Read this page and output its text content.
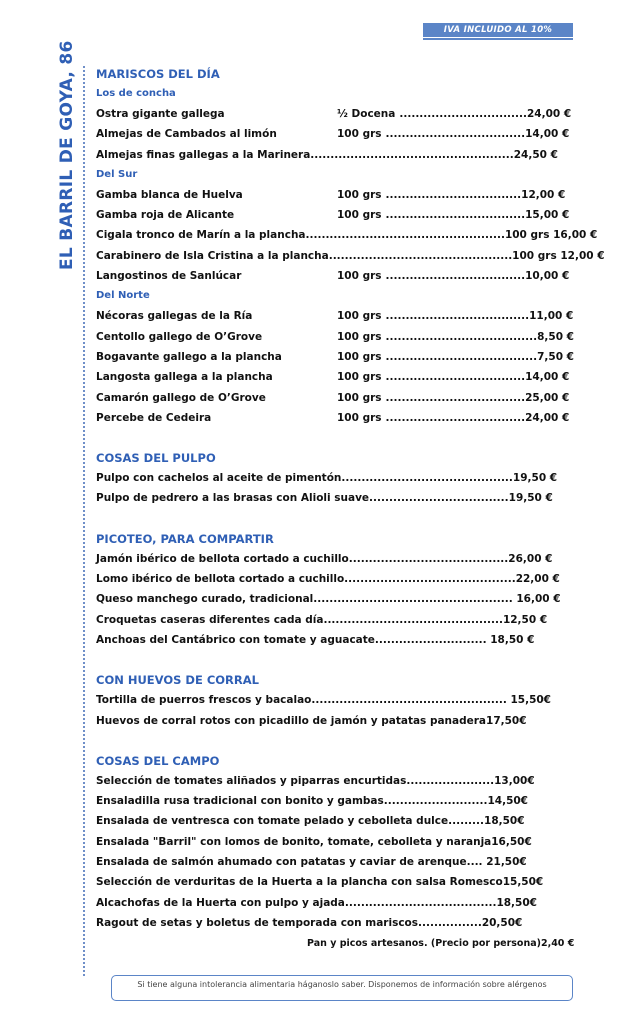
IVA INCLUIDO AL 10%
EL BARRIL DE GOYA, 86 MARISCOS DEL DÍA
Los de concha
Ostra gigante gallega	½ Docena ................................24,00 €
Almejas de Cambados al limón	100 grs ...................................14,00 €
Almejas finas gallegas a la Marinera ...................................................24,50 €
Del Sur
Gamba blanca de Huelva	100 grs ..................................12,00 €
Gamba roja de Alicante	100 grs ...................................15,00 €
Cigala tronco de Marín a la plancha ..................................................100 grs 16,00 €
Carabinero de Isla Cristina a la plancha ..............................................100 grs 12,00 €
Langostinos de Sanlúcar	100 grs ...................................10,00 €
Del Norte
Nécoras gallegas de la Ría	100 grs ....................................11,00 €
Centollo gallego de O’Grove	100 grs ......................................8,50 €
Bogavante gallego a la plancha	100 grs ......................................7,50 €
Langosta gallega a la plancha	100 grs ...................................14,00 €
Camarón gallego de O’Grove	100 grs ...................................25,00 €
Percebe de Cedeira	100 grs ...................................24,00 €
COSAS DEL PULPO
Pulpo con cachelos al aceite de pimentón ...........................................19,50 €
Pulpo de pedrero a las brasas con Alioli suave ...................................19,50 €
PICOTEO, PARA COMPARTIR
Jamón ibérico de bellota cortado a cuchillo ........................................26,00 €
Lomo ibérico de bellota cortado a cuchillo ...........................................22,00 €
Queso manchego curado, tradicional .................................................. 16,00 €
Croquetas caseras diferentes cada día .............................................12,50 €
Anchoas del Cantábrico con tomate y aguacate ............................ 18,50 €
CON HUEVOS DE CORRAL
Tortilla de puerros frescos y bacalao ................................................. 15,50€
Huevos de corral rotos con picadillo de jamón y patatas panadera 17,50€
COSAS DEL CAMPO
Selección de tomates aliñados y piparras encurtidas ......................13,00€
Ensaladilla rusa tradicional con bonito y gambas ..........................14,50€
Ensalada de ventresca con tomate pelado y cebolleta dulce .........18,50€
Ensalada "Barril" con lomos de bonito, tomate, cebolleta y naranja 16,50€
Ensalada de salmón ahumado con patatas y caviar de arenque .... 21,50€
Selección de verduritas de la Huerta a la plancha con salsa Romesco 15,50€
Alcachofas de la Huerta con pulpo y ajada ......................................18,50€
Ragout de setas y boletus de temporada con mariscos ................20,50€
Pan y picos artesanos. (Precio por persona)2,40 €
Si tiene alguna intolerancia alimentaria háganoslo saber. Disponemos de información sobre alérgenos
